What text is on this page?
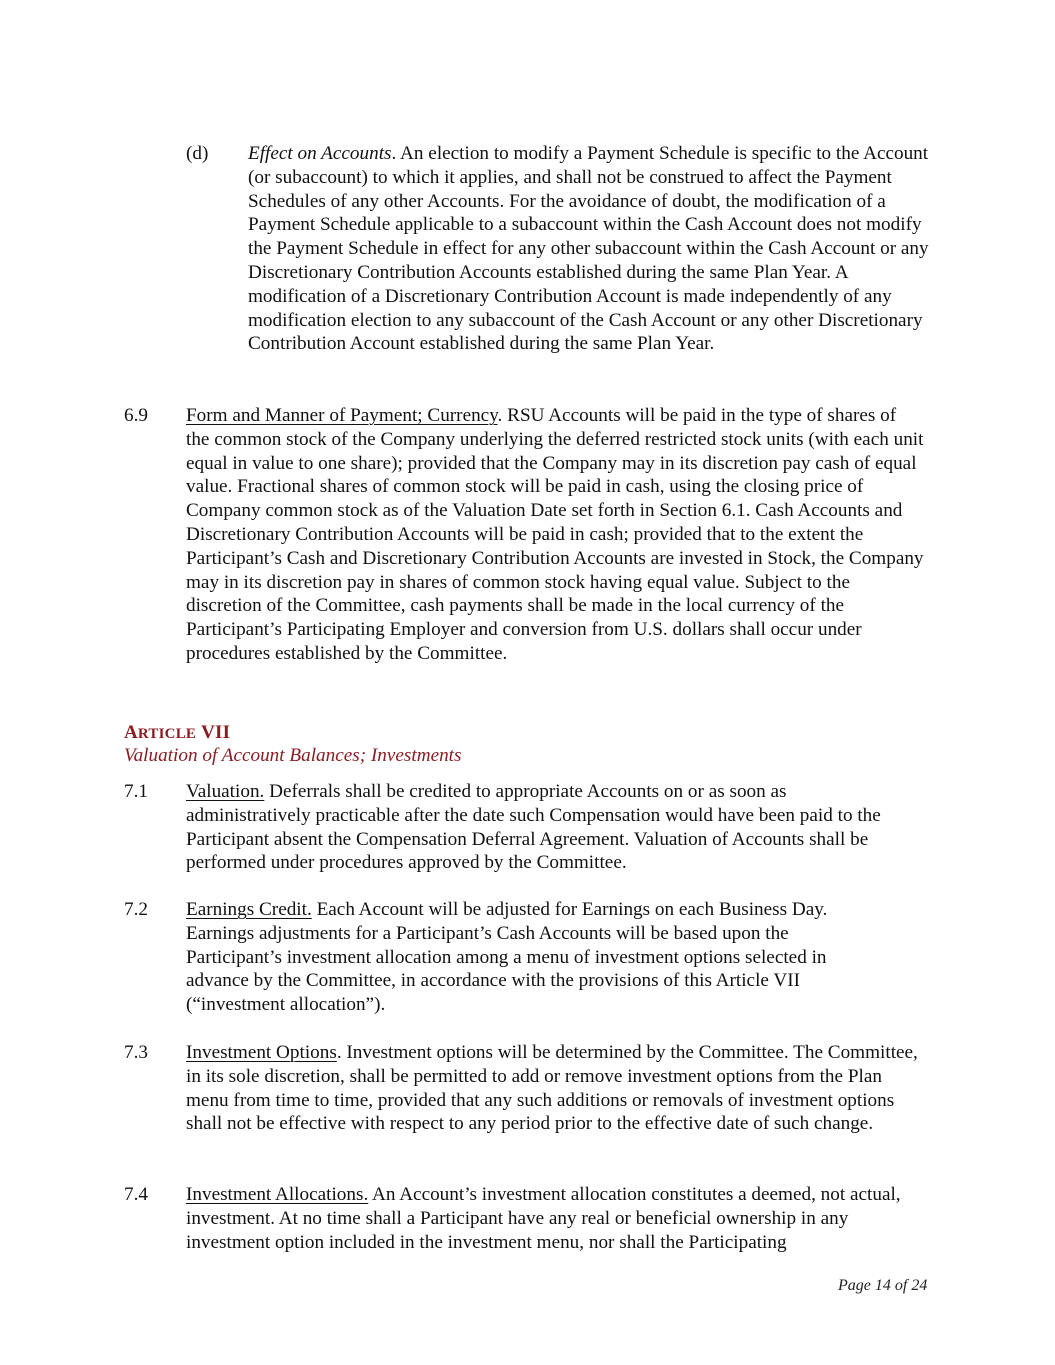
(d) Effect on Accounts. An election to modify a Payment Schedule is specific to the Account (or subaccount) to which it applies, and shall not be construed to affect the Payment Schedules of any other Accounts. For the avoidance of doubt, the modification of a Payment Schedule applicable to a subaccount within the Cash Account does not modify the Payment Schedule in effect for any other subaccount within the Cash Account or any Discretionary Contribution Accounts established during the same Plan Year. A modification of a Discretionary Contribution Account is made independently of any modification election to any subaccount of the Cash Account or any other Discretionary Contribution Account established during the same Plan Year.
6.9 Form and Manner of Payment; Currency. RSU Accounts will be paid in the type of shares of the common stock of the Company underlying the deferred restricted stock units (with each unit equal in value to one share); provided that the Company may in its discretion pay cash of equal value. Fractional shares of common stock will be paid in cash, using the closing price of Company common stock as of the Valuation Date set forth in Section 6.1. Cash Accounts and Discretionary Contribution Accounts will be paid in cash; provided that to the extent the Participant’s Cash and Discretionary Contribution Accounts are invested in Stock, the Company may in its discretion pay in shares of common stock having equal value. Subject to the discretion of the Committee, cash payments shall be made in the local currency of the Participant’s Participating Employer and conversion from U.S. dollars shall occur under procedures established by the Committee.
ARTICLE VII
Valuation of Account Balances; Investments
7.1 Valuation. Deferrals shall be credited to appropriate Accounts on or as soon as administratively practicable after the date such Compensation would have been paid to the Participant absent the Compensation Deferral Agreement. Valuation of Accounts shall be performed under procedures approved by the Committee.
7.2 Earnings Credit. Each Account will be adjusted for Earnings on each Business Day. Earnings adjustments for a Participant’s Cash Accounts will be based upon the Participant’s investment allocation among a menu of investment options selected in advance by the Committee, in accordance with the provisions of this Article VII (“investment allocation”).
7.3 Investment Options. Investment options will be determined by the Committee. The Committee, in its sole discretion, shall be permitted to add or remove investment options from the Plan menu from time to time, provided that any such additions or removals of investment options shall not be effective with respect to any period prior to the effective date of such change.
7.4 Investment Allocations. An Account’s investment allocation constitutes a deemed, not actual, investment. At no time shall a Participant have any real or beneficial ownership in any investment option included in the investment menu, nor shall the Participating
Page 14 of 24
